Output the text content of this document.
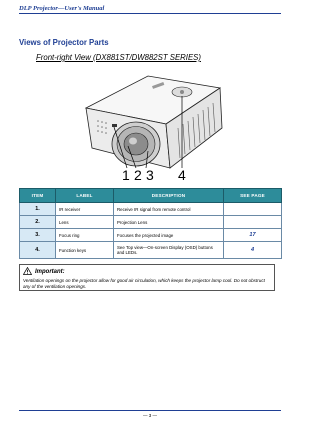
DLP Projector—User's Manual
Views of Projector Parts
Front-right View (DX881ST/DW882ST SERIES)
1 2 3 4
ITEM	LABEL	DESCRIPTION	SEE PAGE
1.	IR receiver	Receive IR signal from remote control	
2.	Lens	Projection Lens	
3.	Focus ring	Focuses the projected image	17
4.	Function keys	See Top view—On-screen Display (OSD) buttons and LEDs.	4
Important:
Ventilation openings on the projector allow for good air circulation, which keeps the projector lamp cool. Do not obstruct any of the ventilation openings.
— 3 —
